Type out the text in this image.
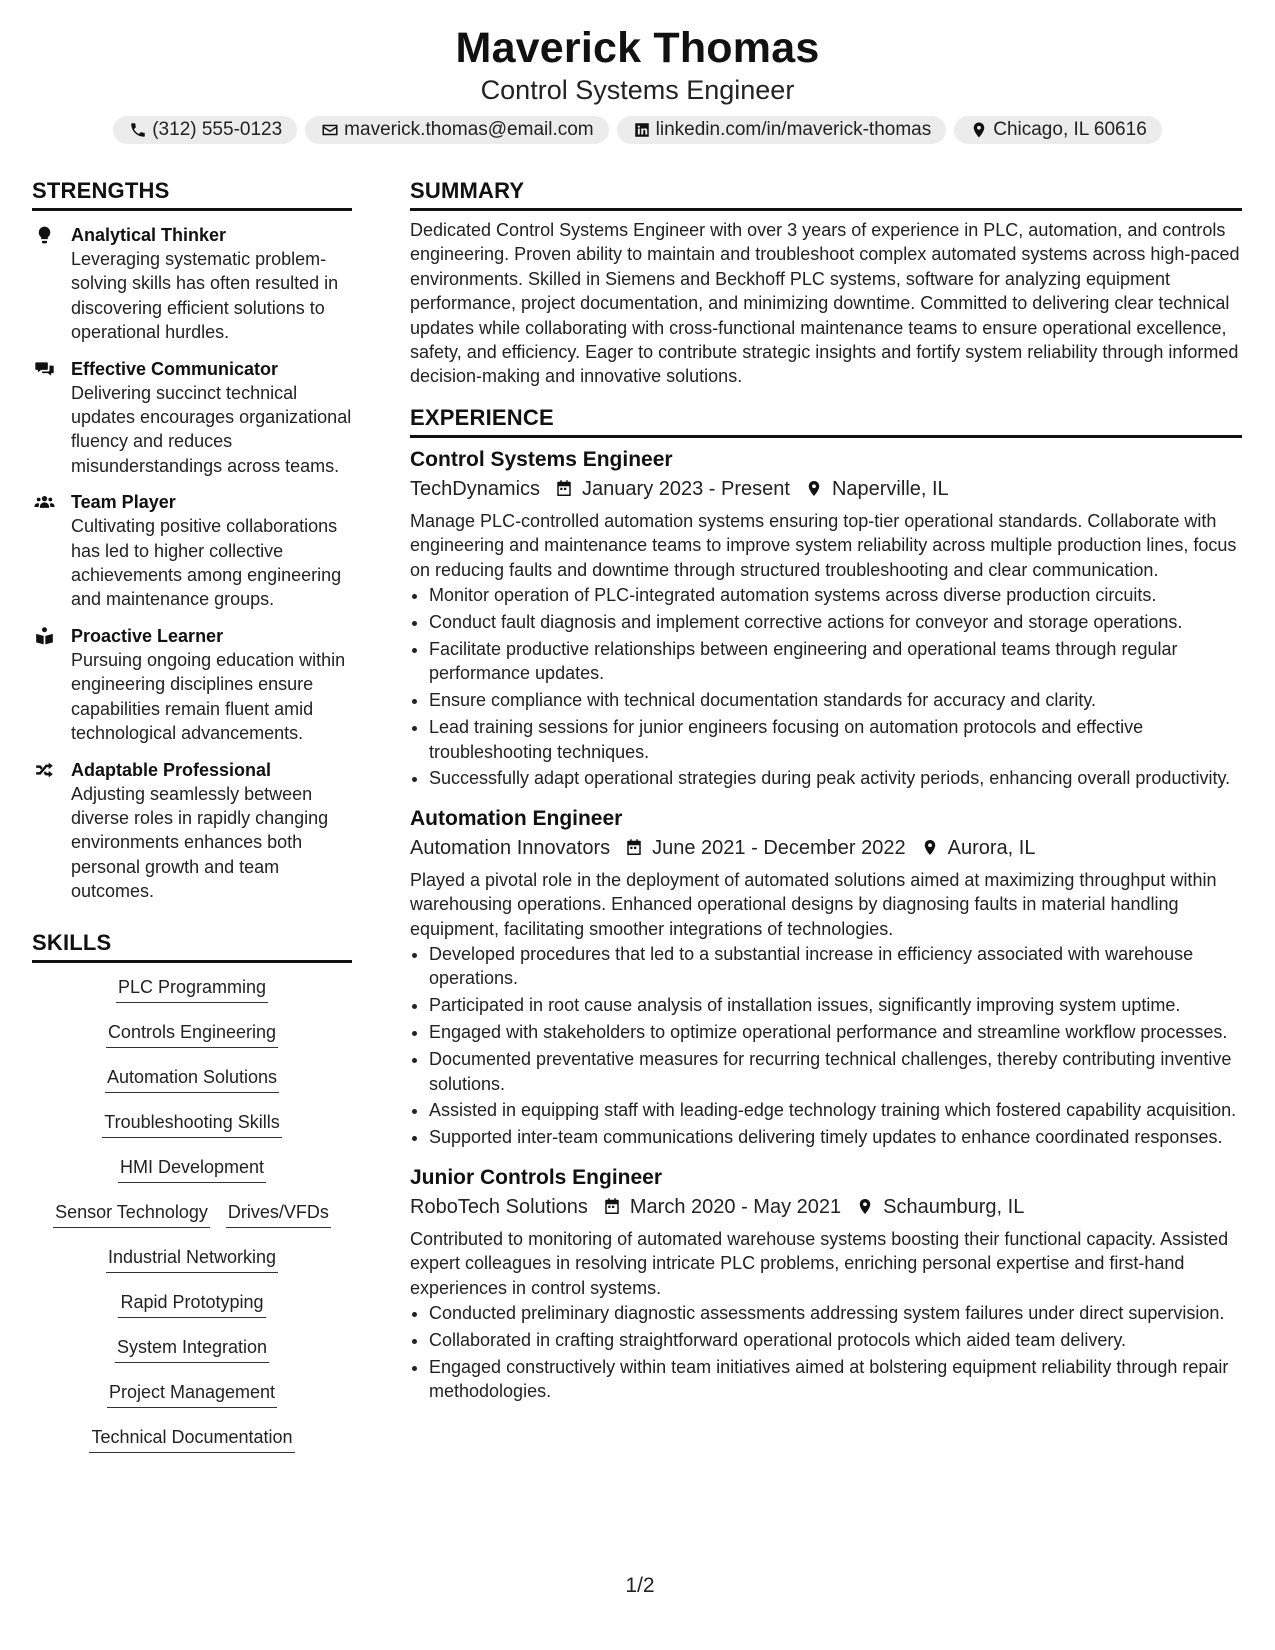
Maverick Thomas
Control Systems Engineer
(312) 555-0123	maverick.thomas@email.com	linkedin.com/in/maverick-thomas	Chicago, IL 60616
STRENGTHS
Analytical Thinker
Leveraging systematic problem-solving skills has often resulted in discovering efficient solutions to operational hurdles.
Effective Communicator
Delivering succinct technical updates encourages organizational fluency and reduces misunderstandings across teams.
Team Player
Cultivating positive collaborations has led to higher collective achievements among engineering and maintenance groups.
Proactive Learner
Pursuing ongoing education within engineering disciplines ensure capabilities remain fluent amid technological advancements.
Adaptable Professional
Adjusting seamlessly between diverse roles in rapidly changing environments enhances both personal growth and team outcomes.
SKILLS
PLC Programming
Controls Engineering
Automation Solutions
Troubleshooting Skills
HMI Development
Sensor Technology Drives/VFDs
Industrial Networking
Rapid Prototyping
System Integration
Project Management
Technical Documentation
SUMMARY
Dedicated Control Systems Engineer with over 3 years of experience in PLC, automation, and controls engineering. Proven ability to maintain and troubleshoot complex automated systems across high-paced environments. Skilled in Siemens and Beckhoff PLC systems, software for analyzing equipment performance, project documentation, and minimizing downtime. Committed to delivering clear technical updates while collaborating with cross-functional maintenance teams to ensure operational excellence, safety, and efficiency. Eager to contribute strategic insights and fortify system reliability through informed decision-making and innovative solutions.
EXPERIENCE
Control Systems Engineer
TechDynamics January 2023 - Present Naperville, IL
Manage PLC-controlled automation systems ensuring top-tier operational standards. Collaborate with engineering and maintenance teams to improve system reliability across multiple production lines, focus on reducing faults and downtime through structured troubleshooting and clear communication.
• Monitor operation of PLC-integrated automation systems across diverse production circuits.
• Conduct fault diagnosis and implement corrective actions for conveyor and storage operations.
• Facilitate productive relationships between engineering and operational teams through regular performance updates.
• Ensure compliance with technical documentation standards for accuracy and clarity.
• Lead training sessions for junior engineers focusing on automation protocols and effective troubleshooting techniques.
• Successfully adapt operational strategies during peak activity periods, enhancing overall productivity.
Automation Engineer
Automation Innovators June 2021 - December 2022 Aurora, IL
Played a pivotal role in the deployment of automated solutions aimed at maximizing throughput within warehousing operations. Enhanced operational designs by diagnosing faults in material handling equipment, facilitating smoother integrations of technologies.
• Developed procedures that led to a substantial increase in efficiency associated with warehouse operations.
• Participated in root cause analysis of installation issues, significantly improving system uptime.
• Engaged with stakeholders to optimize operational performance and streamline workflow processes.
• Documented preventative measures for recurring technical challenges, thereby contributing inventive solutions.
• Assisted in equipping staff with leading-edge technology training which fostered capability acquisition.
• Supported inter-team communications delivering timely updates to enhance coordinated responses.
Junior Controls Engineer
RoboTech Solutions March 2020 - May 2021 Schaumburg, IL
Contributed to monitoring of automated warehouse systems boosting their functional capacity. Assisted expert colleagues in resolving intricate PLC problems, enriching personal expertise and first-hand experiences in control systems.
• Conducted preliminary diagnostic assessments addressing system failures under direct supervision.
• Collaborated in crafting straightforward operational protocols which aided team delivery.
• Engaged constructively within team initiatives aimed at bolstering equipment reliability through repair methodologies.
1/2
